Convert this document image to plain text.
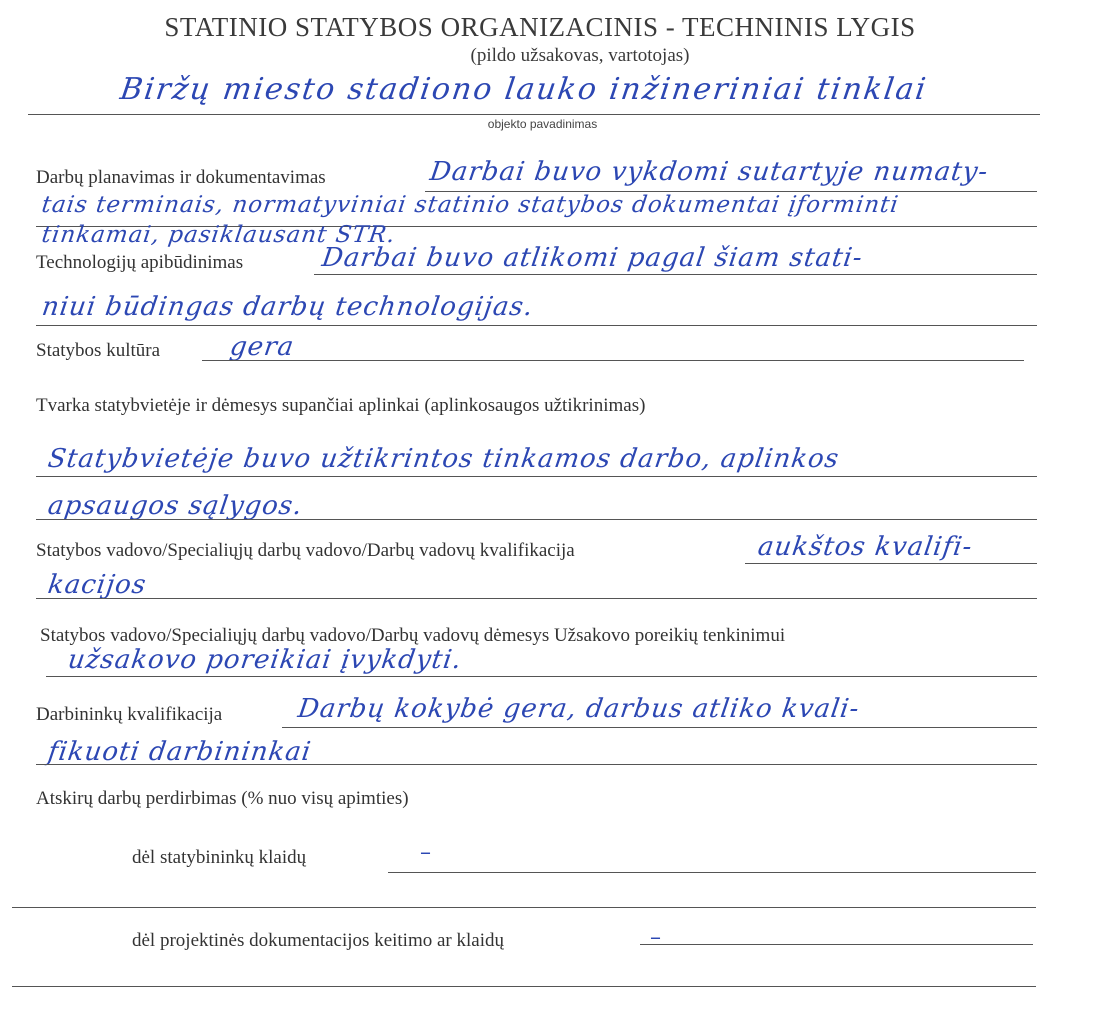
STATINIO STATYBOS ORGANIZACINIS - TECHNINIS LYGIS
(pildo užsakovas, vartotojas)
Biržų miesto stadiono lauko inžineriniai tinklai
objekto pavadinimas
Darbų planavimas ir dokumentavimas	Darbai buvo vykdomi sutartyje numaty-
tais terminais, normatyviniai statinio statybos dokumentai įforminti
tinkamai, pasiklausant STR.
Technologijų apibūdinimas	Darbai buvo atlikomi pagal šiam stati-
niui būdingas darbų technologijas.
Statybos kultūra	gera
Tvarka statybvietėje ir dėmesys supančiai aplinkai (aplinkosaugos užtikrinimas)
Statybvietėje buvo užtikrintos tinkamos darbo, aplinkos
apsaugos sąlygos.
Statybos vadovo/Specialiųjų darbų vadovo/Darbų vadovų kvalifikacija	aukštos kvalifi-
kacijos
Statybos vadovo/Specialiųjų darbų vadovo/Darbų vadovų dėmesys Užsakovo poreikių tenkinimui
užsakovo poreikiai įvykdyti.
Darbininkų kvalifikacija	Darbų kokybė gera, darbus atliko kvali-
fikuoti darbininkai
Atskirų darbų perdirbimas (% nuo visų apimties)
dėl statybininkų klaidų	–
dėl projektinės dokumentacijos keitimo ar klaidų	–
